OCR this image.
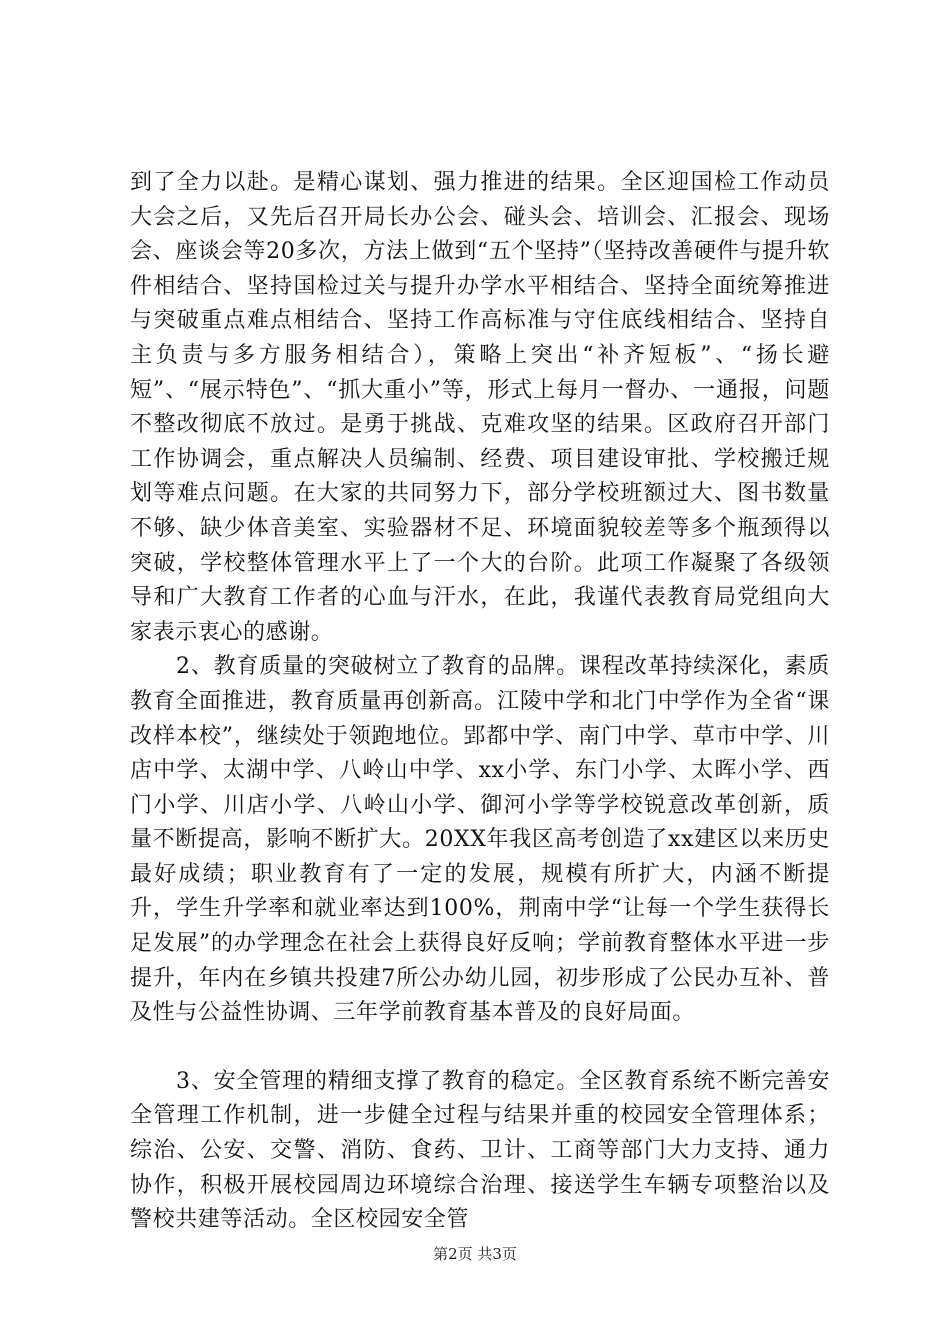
到了全力以赴。是精心谋划、强力推进的结果。全区迎国检工作动员大会之后，又先后召开局长办公会、碰头会、培训会、汇报会、现场会、座谈会等20多次，方法上做到“五个坚持”（坚持改善硬件与提升软件相结合、坚持国检过关与提升办学水平相结合、坚持全面统筹推进与突破重点难点相结合、坚持工作高标准与守住底线相结合、坚持自主负责与多方服务相结合），策略上突出“补齐短板”、“扬长避短”、“展示特色”、“抓大重小”等，形式上每月一督办、一通报，问题不整改彻底不放过。是勇于挑战、克难攻坚的结果。区政府召开部门工作协调会，重点解决人员编制、经费、项目建设审批、学校搬迁规划等难点问题。在大家的共同努力下，部分学校班额过大、图书数量不够、缺少体音美室、实验器材不足、环境面貌较差等多个瓶颈得以突破，学校整体管理水平上了一个大的台阶。此项工作凝聚了各级领导和广大教育工作者的心血与汗水，在此，我谨代表教育局党组向大家表示衷心的感谢。

2、教育质量的突破树立了教育的品牌。课程改革持续深化，素质教育全面推进，教育质量再创新高。江陵中学和北门中学作为全省“课改样本校”，继续处于领跑地位。郢都中学、南门中学、草市中学、川店中学、太湖中学、八岭山中学、xx小学、东门小学、太晖小学、西门小学、川店小学、八岭山小学、御河小学等学校锐意改革创新，质量不断提高，影响不断扩大。20XX年我区高考创造了xx建区以来历史最好成绩；职业教育有了一定的发展，规模有所扩大，内涵不断提升，学生升学率和就业率达到100%，荆南中学“让每一个学生获得长足发展”的办学理念在社会上获得良好反响；学前教育整体水平进一步提升，年内在乡镇共投建7所公办幼儿园，初步形成了公民办互补、普及性与公益性协调、三年学前教育基本普及的良好局面。

3、安全管理的精细支撑了教育的稳定。全区教育系统不断完善安全管理工作机制，进一步健全过程与结果并重的校园安全管理体系；综治、公安、交警、消防、食药、卫计、工商等部门大力支持、通力协作，积极开展校园周边环境综合治理、接送学生车辆专项整治以及警校共建等活动。全区校园安全管

第2页 共3页
